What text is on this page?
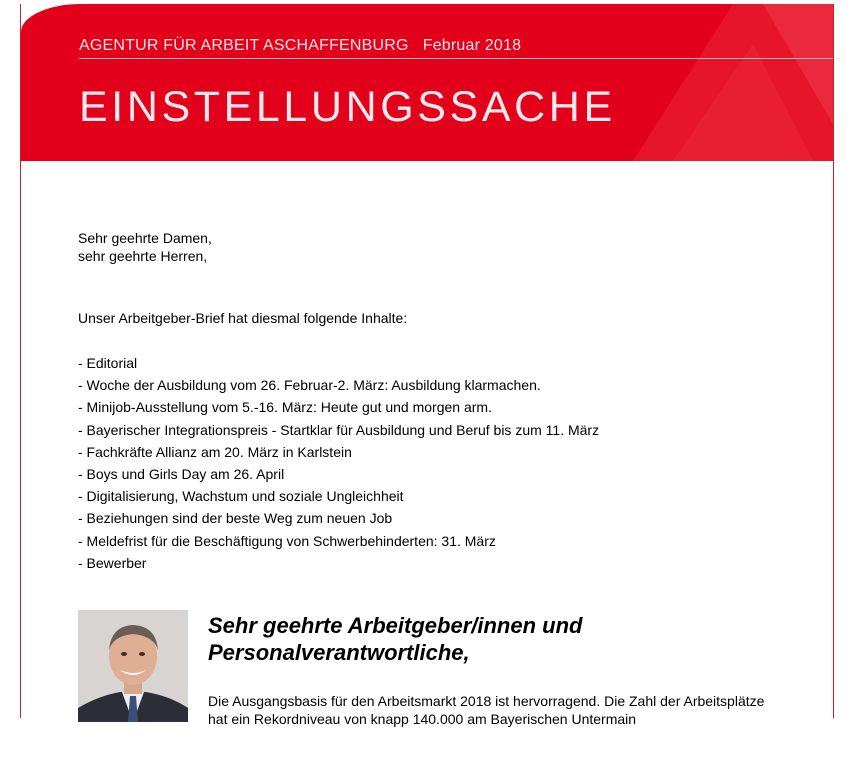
AGENTUR FÜR ARBEIT ASCHAFFENBURG Februar 2018
EINSTELLUNGSSACHE

Sehr geehrte Damen,

sehr geehrte Herren,

Unser Arbeitgeber-Brief hat diesmal folgende Inhalte:
- Editorial
- Woche der Ausbildung vom 26. Februar-2. März: Ausbildung klarmachen.
- Minijob-Ausstellung vom 5.-16. März: Heute gut und morgen arm.
- Bayerischer Integrationspreis - Startklar für Ausbildung und Beruf bis zum 11. März
- Fachkräfte Allianz am 20. März in Karlstein
- Boys und Girls Day am 26. April
- Digitalisierung, Wachstum und soziale Ungleichheit
- Beziehungen sind der beste Weg zum neuen Job
- Meldefrist für die Beschäftigung von Schwerbehinderten: 31. März
- Bewerber
Sehr geehrte Arbeitgeber/innen und
Personalverantwortliche,
Die Ausgangsbasis für den Arbeitsmarkt 2018 ist hervorragend. Die Zahl der Arbeitsplätze hat ein Rekordniveau von knapp 140.000 am Bayerischen Untermain
